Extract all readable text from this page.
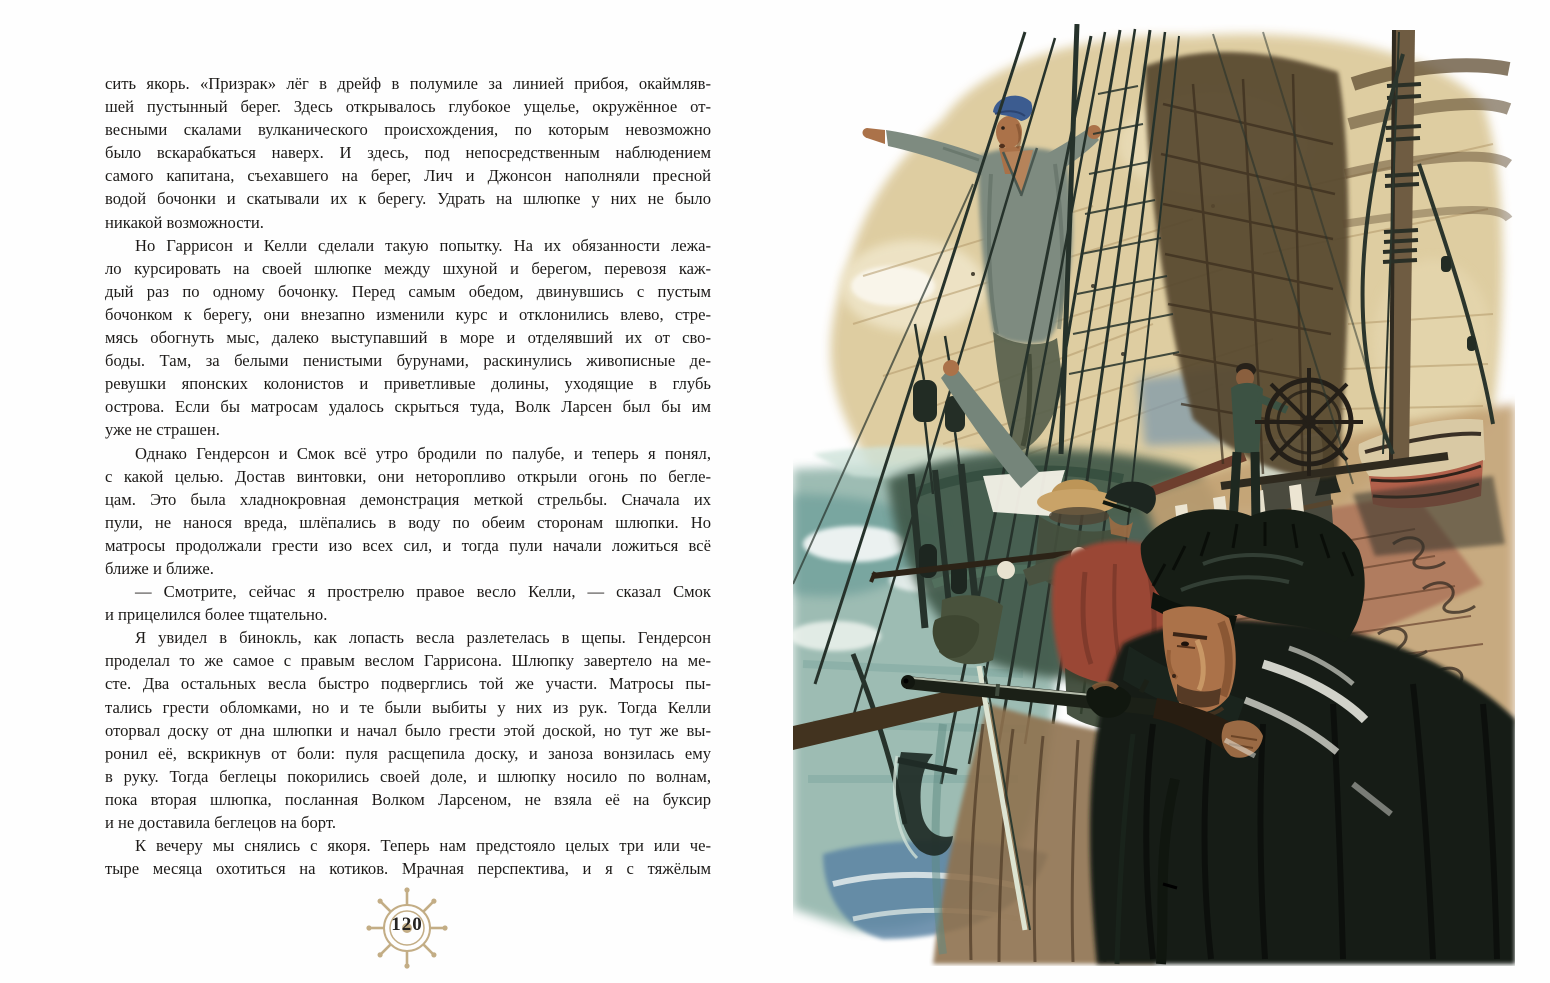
сить якорь. «Призрак» лёг в дрейф в полумиле за линией прибоя, окаймляв-
шей пустынный берег. Здесь открывалось глубокое ущелье, окружённое от-
весными скалами вулканического происхождения, по которым невозможно
было вскарабкаться наверх. И здесь, под непосредственным наблюдением
самого капитана, съехавшего на берег, Лич и Джонсон наполняли пресной
водой бочонки и скатывали их к берегу. Удрать на шлюпке у них не было
никакой возможности.
Но Гаррисон и Келли сделали такую попытку. На их обязанности лежа-
ло курсировать на своей шлюпке между шхуной и берегом, перевозя каж-
дый раз по одному бочонку. Перед самым обедом, двинувшись с пустым
бочонком к берегу, они внезапно изменили курс и отклонились влево, стре-
мясь обогнуть мыс, далеко выступавший в море и отделявший их от сво-
боды. Там, за белыми пенистыми бурунами, раскинулись живописные де-
ревушки японских колонистов и приветливые долины, уходящие в глубь
острова. Если бы матросам удалось скрыться туда, Волк Ларсен был бы им
уже не страшен.
Однако Гендерсон и Смок всё утро бродили по палубе, и теперь я понял,
с какой целью. Достав винтовки, они неторопливо открыли огонь по бегле-
цам. Это была хладнокровная демонстрация меткой стрельбы. Сначала их
пули, не нанося вреда, шлёпались в воду по обеим сторонам шлюпки. Но
матросы продолжали грести изо всех сил, и тогда пули начали ложиться всё
ближе и ближе.
— Смотрите, сейчас я прострелю правое весло Келли, — сказал Смок
и прицелился более тщательно.
Я увидел в бинокль, как лопасть весла разлетелась в щепы. Гендерсон
проделал то же самое с правым веслом Гаррисона. Шлюпку завертело на ме-
сте. Два остальных весла быстро подверглись той же участи. Матросы пы-
тались грести обломками, но и те были выбиты у них из рук. Тогда Келли
оторвал доску от дна шлюпки и начал было грести этой доской, но тут же вы-
ронил её, вскрикнув от боли: пуля расщепила доску, и заноза вонзилась ему
в руку. Тогда беглецы покорились своей доле, и шлюпку носило по волнам,
пока вторая шлюпка, посланная Волком Ларсеном, не взяла её на буксир
и не доставила беглецов на борт.
К вечеру мы снялись с якоря. Теперь нам предстояло целых три или че-
тыре месяца охотиться на котиков. Мрачная перспектива, и я с тяжёлым
120
